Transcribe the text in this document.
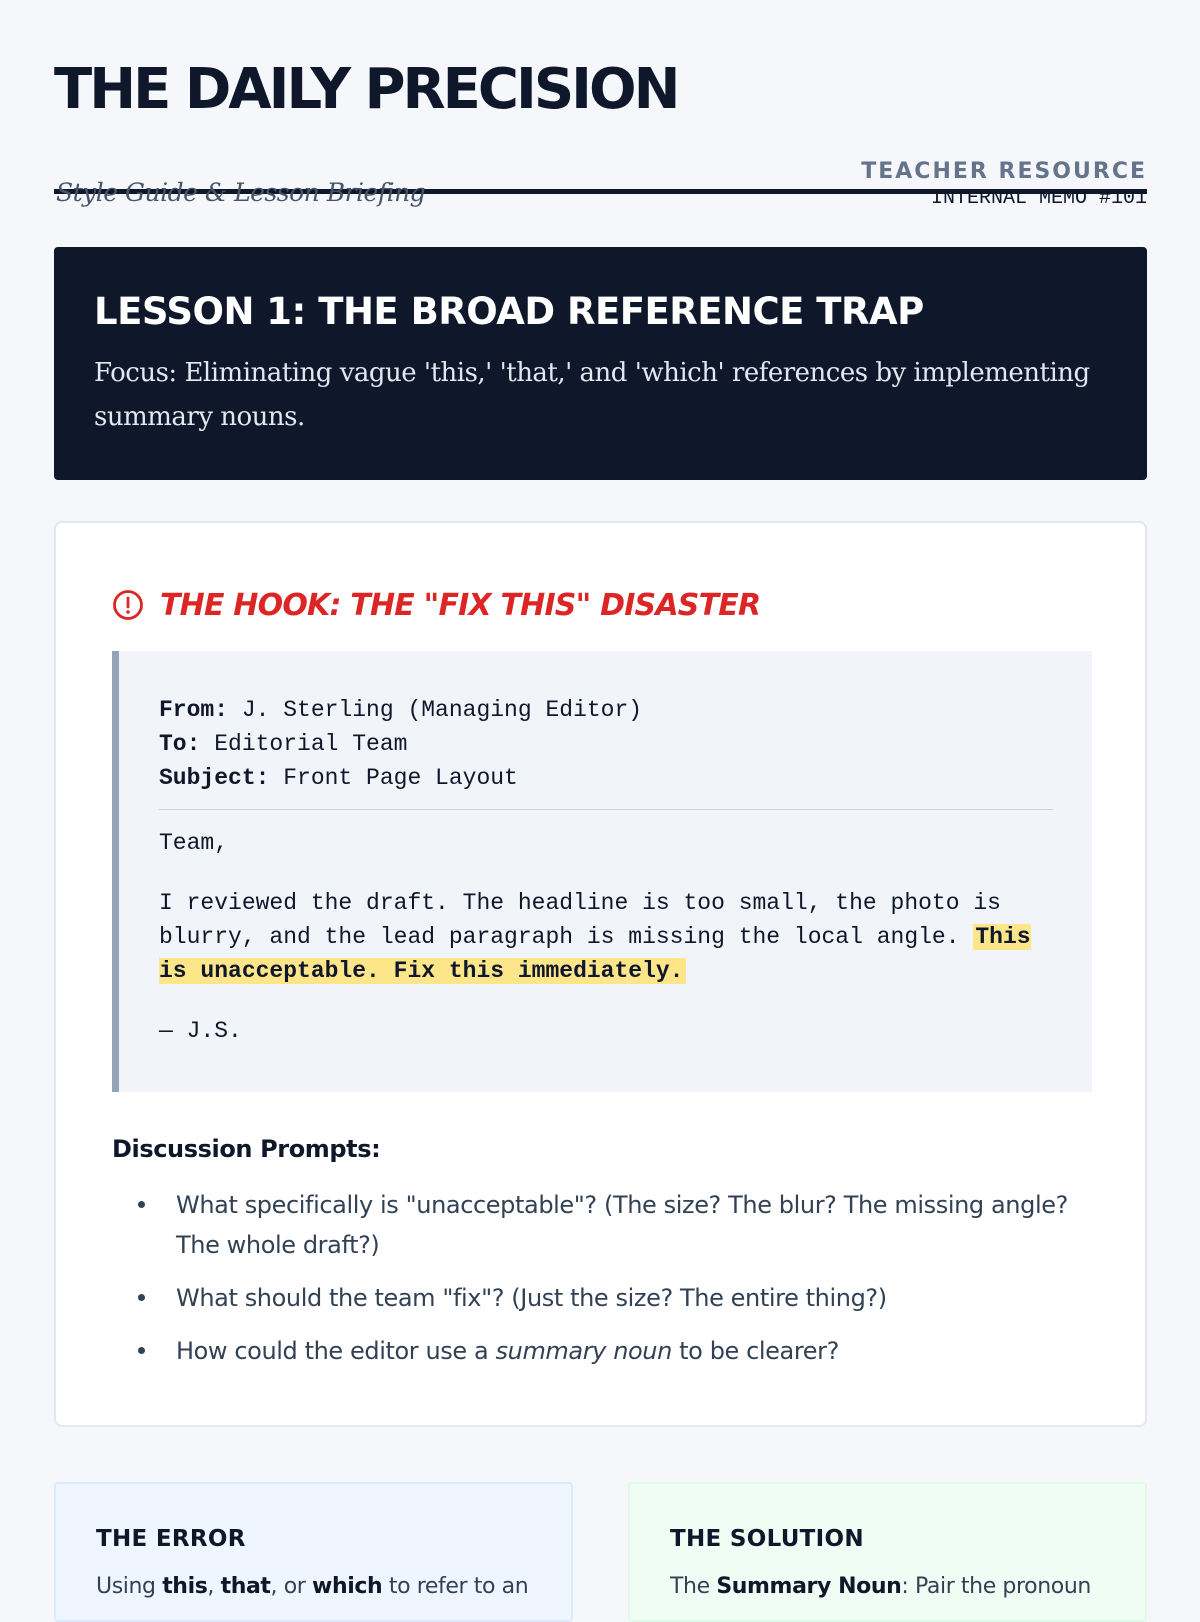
THE DAILY PRECISION

Style Guide & Lesson Briefing

TEACHER RESOURCE
INTERNAL MEMO #101
LESSON 1: THE BROAD REFERENCE TRAP

Focus: Eliminating vague 'this,' 'that,' and 'which' references by implementing summary nouns.

THE HOOK: THE "FIX THIS" DISASTER
From: J. Sterling (Managing Editor)
To: Editorial Team
Subject: Front Page Layout
Team,
I reviewed the draft. The headline is too small, the photo is blurry, and the lead paragraph is missing the local angle. This is unacceptable. Fix this immediately.
— J.S.
Discussion Prompts:
What specifically is "unacceptable"? (The size? The blur? The missing angle? The whole draft?)
What should the team "fix"? (Just the size? The entire thing?)
How could the editor use a summary noun to be clearer?
THE ERROR

Using this, that, or which to refer to an

THE SOLUTION

The Summary Noun: Pair the pronoun
